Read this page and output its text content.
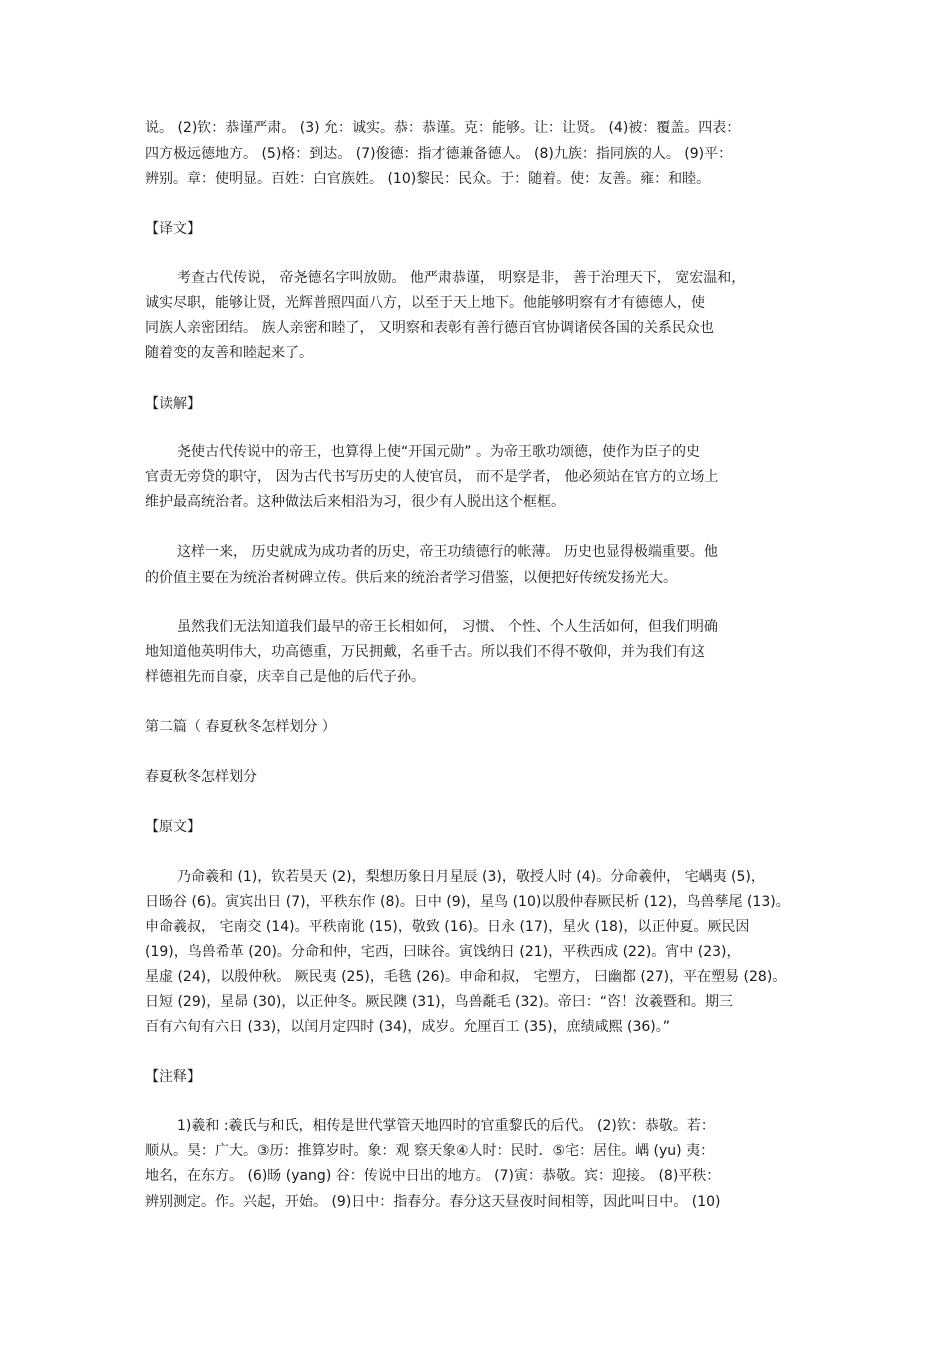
说。 (2)钦：恭谨严肃。 (3) 允：诚实。恭：恭谨。克：能够。让：让贤。 (4)被：覆盖。四表：
四方极远德地方。 (5)格：到达。 (7)俊德：指才德兼备德人。 (8)九族：指同族的人。 (9)平：
辨别。章：使明显。百姓：白官族姓。 (10)黎民：民众。于：随着。使：友善。雍：和睦。
【译文】
考查古代传说， 帝尧德名字叫放勋。 他严肃恭谨， 明察是非， 善于治理天下， 宽宏温和，
诚实尽职，能够让贤，光辉普照四面八方，以至于天上地下。他能够明察有才有德德人，使
同族人亲密团结。 族人亲密和睦了， 又明察和表彰有善行德百官协调诸侯各国的关系民众也
随着变的友善和睦起来了。
【读解】
尧使古代传说中的帝王，也算得上使“开国元勋” 。为帝王歌功颂德，使作为臣子的史
官责无旁贷的职守， 因为古代书写历史的人使官员， 而不是学者， 他必须站在官方的立场上
维护最高统治者。这种做法后来相沿为习，很少有人脱出这个框框。
这样一来， 历史就成为成功者的历史，帝王功绩德行的帐薄。 历史也显得极端重要。他
的价值主要在为统治者树碑立传。供后来的统治者学习借鉴，以便把好传统发扬光大。
虽然我们无法知道我们最早的帝王长相如何， 习惯、 个性、个人生活如何，但我们明确
地知道他英明伟大，功高德重，万民拥戴，名垂千古。所以我们不得不敬仰，并为我们有这
样德祖先而自豪，庆幸自己是他的后代子孙。
第二篇（ 春夏秋冬怎样划分 ）
春夏秋冬怎样划分
【原文】
乃命羲和 (1)，钦若昊天 (2)，梨想历象日月星辰 (3)，敬授人时 (4)。分命羲仲， 宅嵎夷 (5)，
日旸谷 (6)。寅宾出日 (7)，平秩东作 (8)。日中 (9)，星鸟 (10)以殷仲春厥民析 (12)，鸟兽孳尾 (13)。
申命羲叔， 宅南交 (14)。平秩南讹 (15)，敬致 (16)。日永 (17)，星火 (18)，以正仲夏。厥民因
(19)，鸟兽希革 (20)。分命和仲，宅西，曰昧谷。寅饯纳日 (21)，平秩西成 (22)。宵中 (23)，
星虚 (24)，以殷仲秋。 厥民夷 (25)，毛毨 (26)。申命和叔， 宅塑方， 曰幽都 (27)，平在塑易 (28)。
日短 (29)，星昴 (30)，以正仲冬。厥民隩 (31)，鸟兽氄毛 (32)。帝曰：“咨！汝羲暨和。期三
百有六旬有六日 (33)，以闰月定四时 (34)，成岁。允厘百工 (35)，庶绩咸熙 (36)。”
【注释】
1)羲和 :羲氏与和氏，相传是世代掌管天地四时的官重黎氏的后代。 (2)钦：恭敬。若：
顺从。昊：广大。③历：推算岁时。象：观 察天象④人时：民时．⑤宅：居住。嵎 (yu) 夷：
地名，在东方。 (6)旸 (yang) 谷：传说中日出的地方。 (7)寅：恭敬。宾：迎接。 (8)平秩：
辨别测定。作。兴起，开始。 (9)日中：指春分。春分这天昼夜时间相等，因此叫日中。 (10)
